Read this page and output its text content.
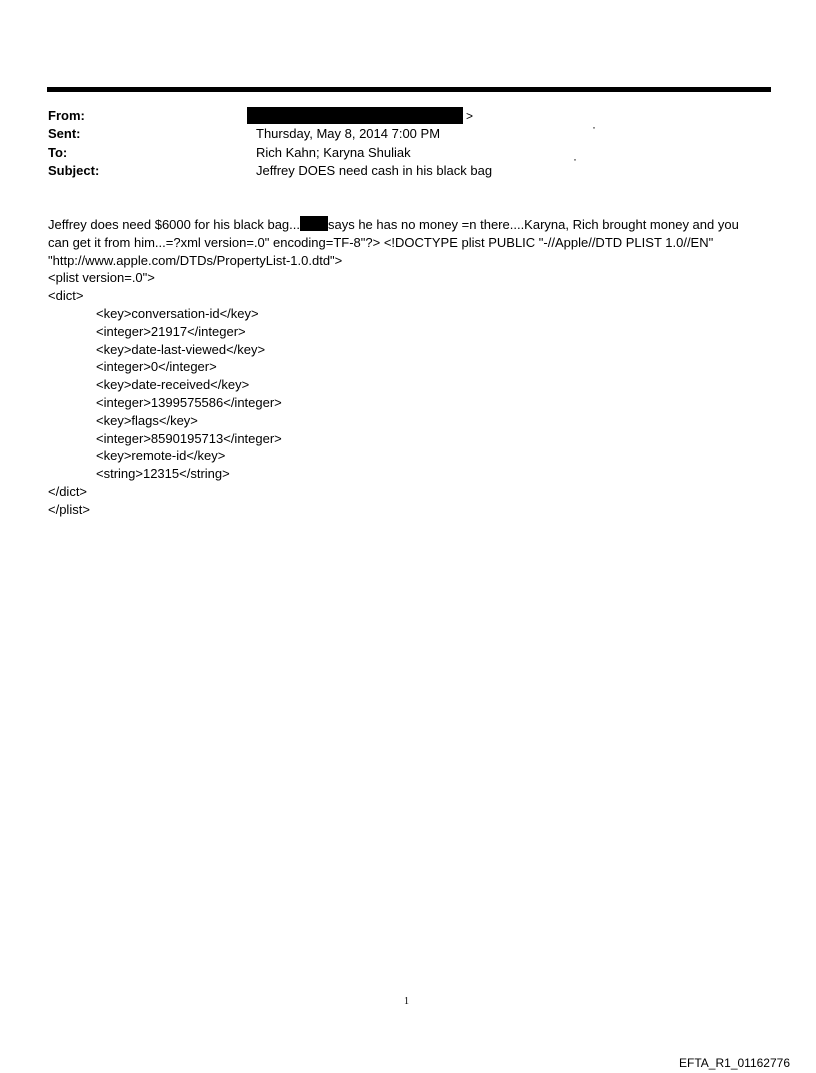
From:	>
Sent:	Thursday, May 8, 2014 7:00 PM	·
To:	Rich Kahn; Karyna Shuliak	·
Subject:	Jeffrey DOES need cash in his black bag
Jeffrey does need $6000 for his black bag... says he has no money =n there....Karyna, Rich brought money and you
can get it from him...=?xml version=.0" encoding=TF-8"?> <!DOCTYPE plist PUBLIC "-//Apple//DTD PLIST 1.0//EN"
"http://www.apple.com/DTDs/PropertyList-1.0.dtd">
<plist version=.0">
<dict>
<key>conversation-id</key>
<integer>21917</integer>
<key>date-last-viewed</key>
<integer>0</integer>
<key>date-received</key>
<integer>1399575586</integer>
<key>flags</key>
<integer>8590195713</integer>
<key>remote-id</key>
<string>12315</string>
</dict>
</plist>
1
EFTA_R1_01162776
